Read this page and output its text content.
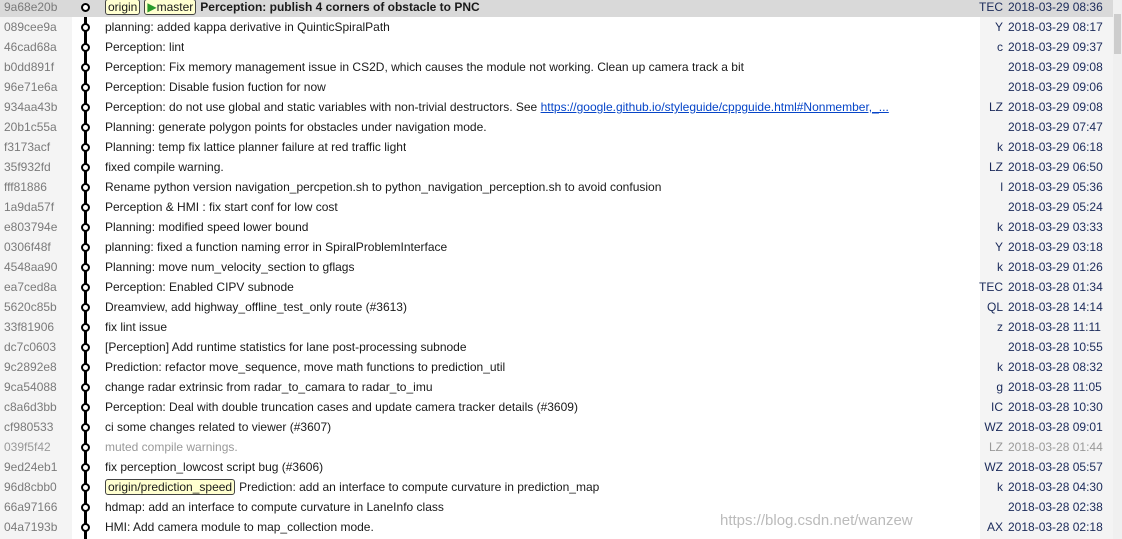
9a68e20b	origin ▶master Perception: publish 4 corners of obstacle to PNC	TEC 2018-03-29 08:36
089cee9a	planning: added kappa derivative in QuinticSpiralPath	Y 2018-03-29 08:17
46cad68a	Perception: lint	c 2018-03-29 09:37
b0dd891f	Perception: Fix memory management issue in CS2D, which causes the module not working. Clean up camera track a bit	2018-03-29 09:08
96e71e6a	Perception: Disable fusion fuction for now	2018-03-29 09:06
934aa43b	Perception: do not use global and static variables with non-trivial destructors. See https://google.github.io/styleguide/cppguide.html#Nonmember,_...	LZ 2018-03-29 09:08
20b1c55a	Planning: generate polygon points for obstacles under navigation mode.	2018-03-29 07:47
f3173acf	Planning: temp fix lattice planner failure at red traffic light	k 2018-03-29 06:18
35f932fd	fixed compile warning.	LZ 2018-03-29 06:50
fff81886	Rename python version navigation_percpetion.sh to python_navigation_perception.sh to avoid confusion	l 2018-03-29 05:36
1a9da57f	Perception & HMI : fix start conf for low cost	2018-03-29 05:24
e803794e	Planning: modified speed lower bound	k 2018-03-29 03:33
0306f48f	planning: fixed a function naming error in SpiralProblemInterface	Y 2018-03-29 03:18
4548aa90	Planning: move num_velocity_section to gflags	k 2018-03-29 01:26
ea7ced8a	Perception: Enabled CIPV subnode	TEC 2018-03-28 01:34
5620c85b	Dreamview, add highway_offline_test_only route (#3613)	QL 2018-03-28 14:14
33f81906	fix lint issue	z 2018-03-28 11:11
dc7c0603	[Perception] Add runtime statistics for lane post-processing subnode	2018-03-28 10:55
9c2892e8	Prediction: refactor move_sequence, move math functions to prediction_util	k 2018-03-28 08:32
9ca54088	change radar extrinsic from radar_to_camara to radar_to_imu	g 2018-03-28 11:05
c8a6d3bb	Perception: Deal with double truncation cases and update camera tracker details (#3609)	IC 2018-03-28 10:30
cf980533	ci some changes related to viewer (#3607)	WZ 2018-03-28 09:01
039f5f42	muted compile warnings.	LZ 2018-03-28 01:44
9ed24eb1	fix perception_lowcost script bug (#3606)	WZ 2018-03-28 05:57
96d8cbb0	origin/prediction_speed Prediction: add an interface to compute curvature in prediction_map	k 2018-03-28 04:30
66a97166	hdmap: add an interface to compute curvature in LaneInfo class	2018-03-28 02:38
04a7193b	HMI: Add camera module to map_collection mode.	AX 2018-03-28 02:18
https://blog.csdn.net/wanzew
